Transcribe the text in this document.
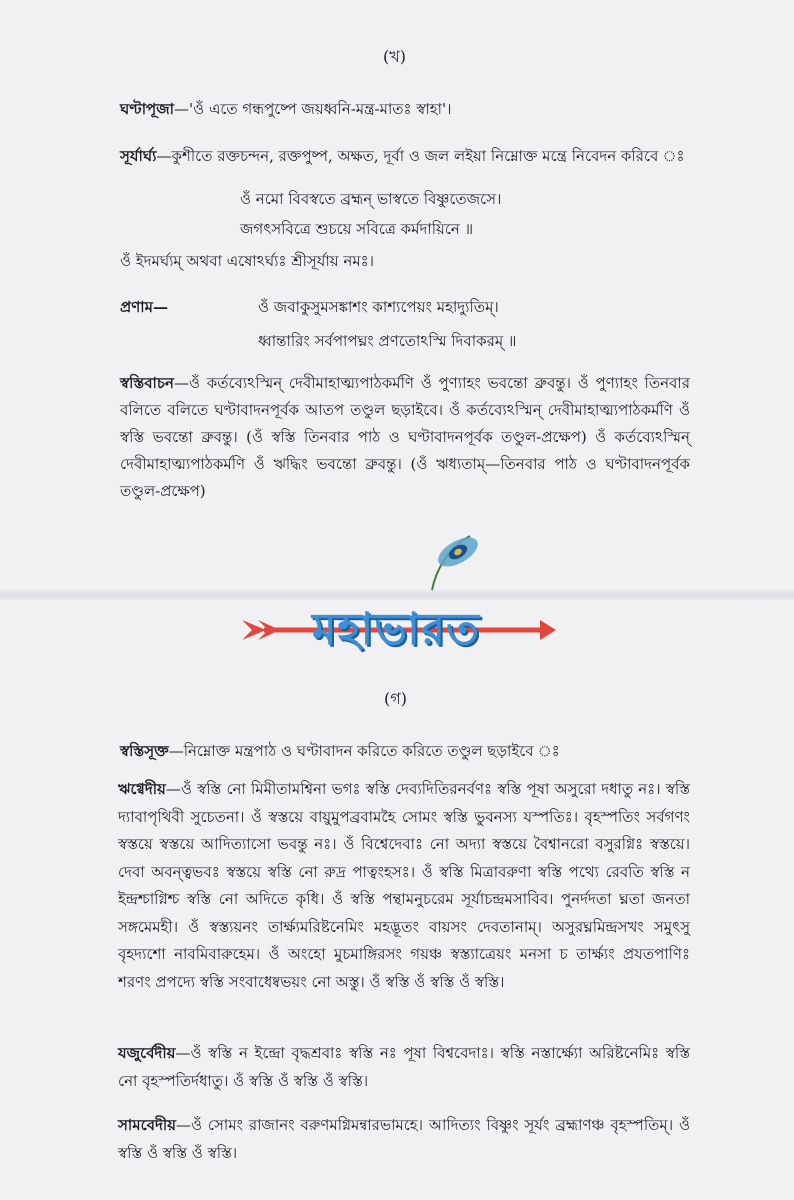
(খ)
ঘণ্টাপূজা—'ওঁ এতে গন্ধপুষ্পে জয়ধ্বনি-মন্ত্র-মাতঃ স্বাহা'।
সূর্যার্ঘ্য—কুশীতে রক্তচন্দন, রক্তপুষ্প, অক্ষত, দূর্বা ও জল লইয়া নিম্নোক্ত মন্ত্রে নিবেদন করিবে ঃ
ওঁ নমো বিবস্বতে ব্রহ্মন্ ভাস্বতে বিষ্ণুতেজসে।
জগৎসবিত্রে শুচয়ে সবিত্রে কর্মদায়িনে ॥
ওঁ ইদমর্ঘ্যম্ অথবা এষোঽর্ঘ্যঃ শ্রীসূর্যায় নমঃ।
প্রণাম—	ওঁ জবাকুসুমসঙ্কাশং কাশ্যপেয়ং মহাদ্যুতিম্।
ধ্বান্তারিং সর্বপাপঘ্নং প্রণতোঽস্মি দিবাকরম্ ॥
স্বস্তিবাচন—ওঁ কর্তব্যেঽস্মিন্ দেবীমাহাত্ম্যপাঠকর্মণি ওঁ পুণ্যাহং ভবন্তো ব্রুবন্তু। ওঁ পুণ্যাহং তিনবার বলিতে বলিতে ঘণ্টাবাদনপূর্বক আতপ তণ্ডুল ছড়াইবে। ওঁ কর্তব্যেঽস্মিন্ দেবীমাহাত্ম্যপাঠকর্মণি ওঁ স্বস্তি ভবন্তো ব্রুবন্তু। (ওঁ স্বস্তি তিনবার পাঠ ও ঘণ্টাবাদনপূর্বক তণ্ডুল-প্রক্ষেপ) ওঁ কর্তব্যেঽস্মিন্ দেবীমাহাত্ম্যপাঠকর্মণি ওঁ ঋদ্ধিং ভবন্তো ব্রুবন্তু। (ওঁ ঋধ্যতাম্—তিনবার পাঠ ও ঘণ্টাবাদনপূর্বক তণ্ডুল-প্রক্ষেপ)
মহাভারত
(গ)
স্বস্তিসূক্ত—নিম্নোক্ত মন্ত্রপাঠ ও ঘণ্টাবাদন করিতে করিতে তণ্ডুল ছড়াইবে ঃ
ঋগ্বেদীয়—ওঁ স্বস্তি নো মিমীতামশ্বিনা ভগঃ স্বস্তি দেব্যদিতিরনর্বণঃ স্বস্তি পূষা অসুরো দধাতু নঃ। স্বস্তি দ্যাবাপৃথিবী সুচেতনা। ওঁ স্বস্তয়ে বায়ুমুপব্রবামহৈ সোমং স্বস্তি ভুবনস্য যস্পতিঃ। বৃহস্পতিং সর্বগণং স্বস্তয়ে স্বস্তয়ে আদিত্যাসো ভবন্তু নঃ। ওঁ বিশ্বেদেবাঃ নো অদ্যা স্বস্তয়ে বৈশ্বানরো বসুরগ্নিঃ স্বস্তয়ে। দেবা অবন্ত্বভবঃ স্বস্তয়ে স্বস্তি নো রুদ্র পাত্বংহসঃ। ওঁ স্বস্তি মিত্রাবরুণা স্বস্তি পথ্যে রেবতি স্বস্তি ন ইন্দ্রশ্চাগ্নিশ্চ স্বস্তি নো অদিতে কৃধি। ওঁ স্বস্তি পন্থামনুচরেম সূর্যাচন্দ্রমসাবিব। পুনর্দদতা ঘ্নতা জনতা সঙ্গমেমহী। ওঁ স্বস্ত্যয়নং তার্ক্ষ্যমরিষ্টনেমিং মহদ্ভূতং বায়সং দেবতানাম্। অসুরঘ্নমিন্দ্রসখং সমুৎসু বৃহদ্যশো নাবমিবারুহেম। ওঁ অংহো মুচমাঙ্গিরসং গয়ঞ্চ স্বস্ত্যাত্রেয়ং মনসা চ তার্ক্ষ্যং প্রযতপাণিঃ শরণং প্রপদ্যে স্বস্তি সংবাধেষ্বভয়ং নো অস্তু। ওঁ স্বস্তি ওঁ স্বস্তি ওঁ স্বস্তি।
যজুর্বেদীয়—ওঁ স্বস্তি ন ইন্দ্রো বৃদ্ধশ্রবাঃ স্বস্তি নঃ পূষা বিশ্ববেদাঃ। স্বস্তি নস্তার্ক্ষ্যো অরিষ্টনেমিঃ স্বস্তি নো বৃহস্পতির্দধাতু। ওঁ স্বস্তি ওঁ স্বস্তি ওঁ স্বস্তি।
সামবেদীয়—ওঁ সোমং রাজানং বরুণমগ্নিমন্বারভামহে। আদিত্যং বিষ্ণুং সূর্যং ব্রহ্মাণঞ্চ বৃহস্পতিম্। ওঁ স্বস্তি ওঁ স্বস্তি ওঁ স্বস্তি।
